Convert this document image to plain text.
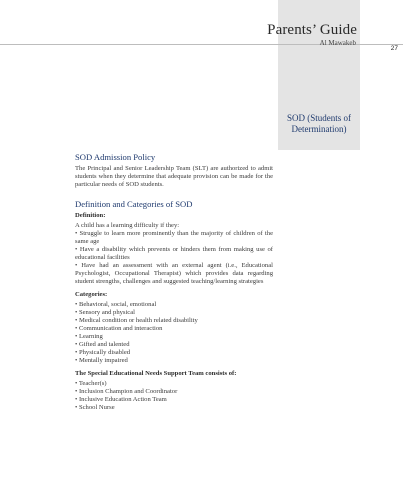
Parents’ Guide
Al Mawakeb
27
SOD (Students of
Determination)
SOD Admission Policy

The Principal and Senior Leadership Team (SLT) are authorized to admit students when they determine that adequate provision can be made for the particular needs of SOD students.

Definition and Categories of SOD
Definition:
A child has a learning difficulty if they:
• Struggle to learn more prominently than the majority of children of the same age
• Have a disability which prevents or hinders them from making use of educational facilities
• Have had an assessment with an external agent (i.e., Educational Psychologist, Occupational Therapist) which provides data regarding student strengths, challenges and suggested teaching/learning strategies
Categories:
• Behavioral, social, emotional
• Sensory and physical
• Medical condition or health related disability
• Communication and interaction
• Learning
• Gifted and talented
• Physically disabled
• Mentally impaired
The Special Educational Needs Support Team consists of:
• Teacher(s)
• Inclusion Champion and Coordinator
• Inclusive Education Action Team
• School Nurse
